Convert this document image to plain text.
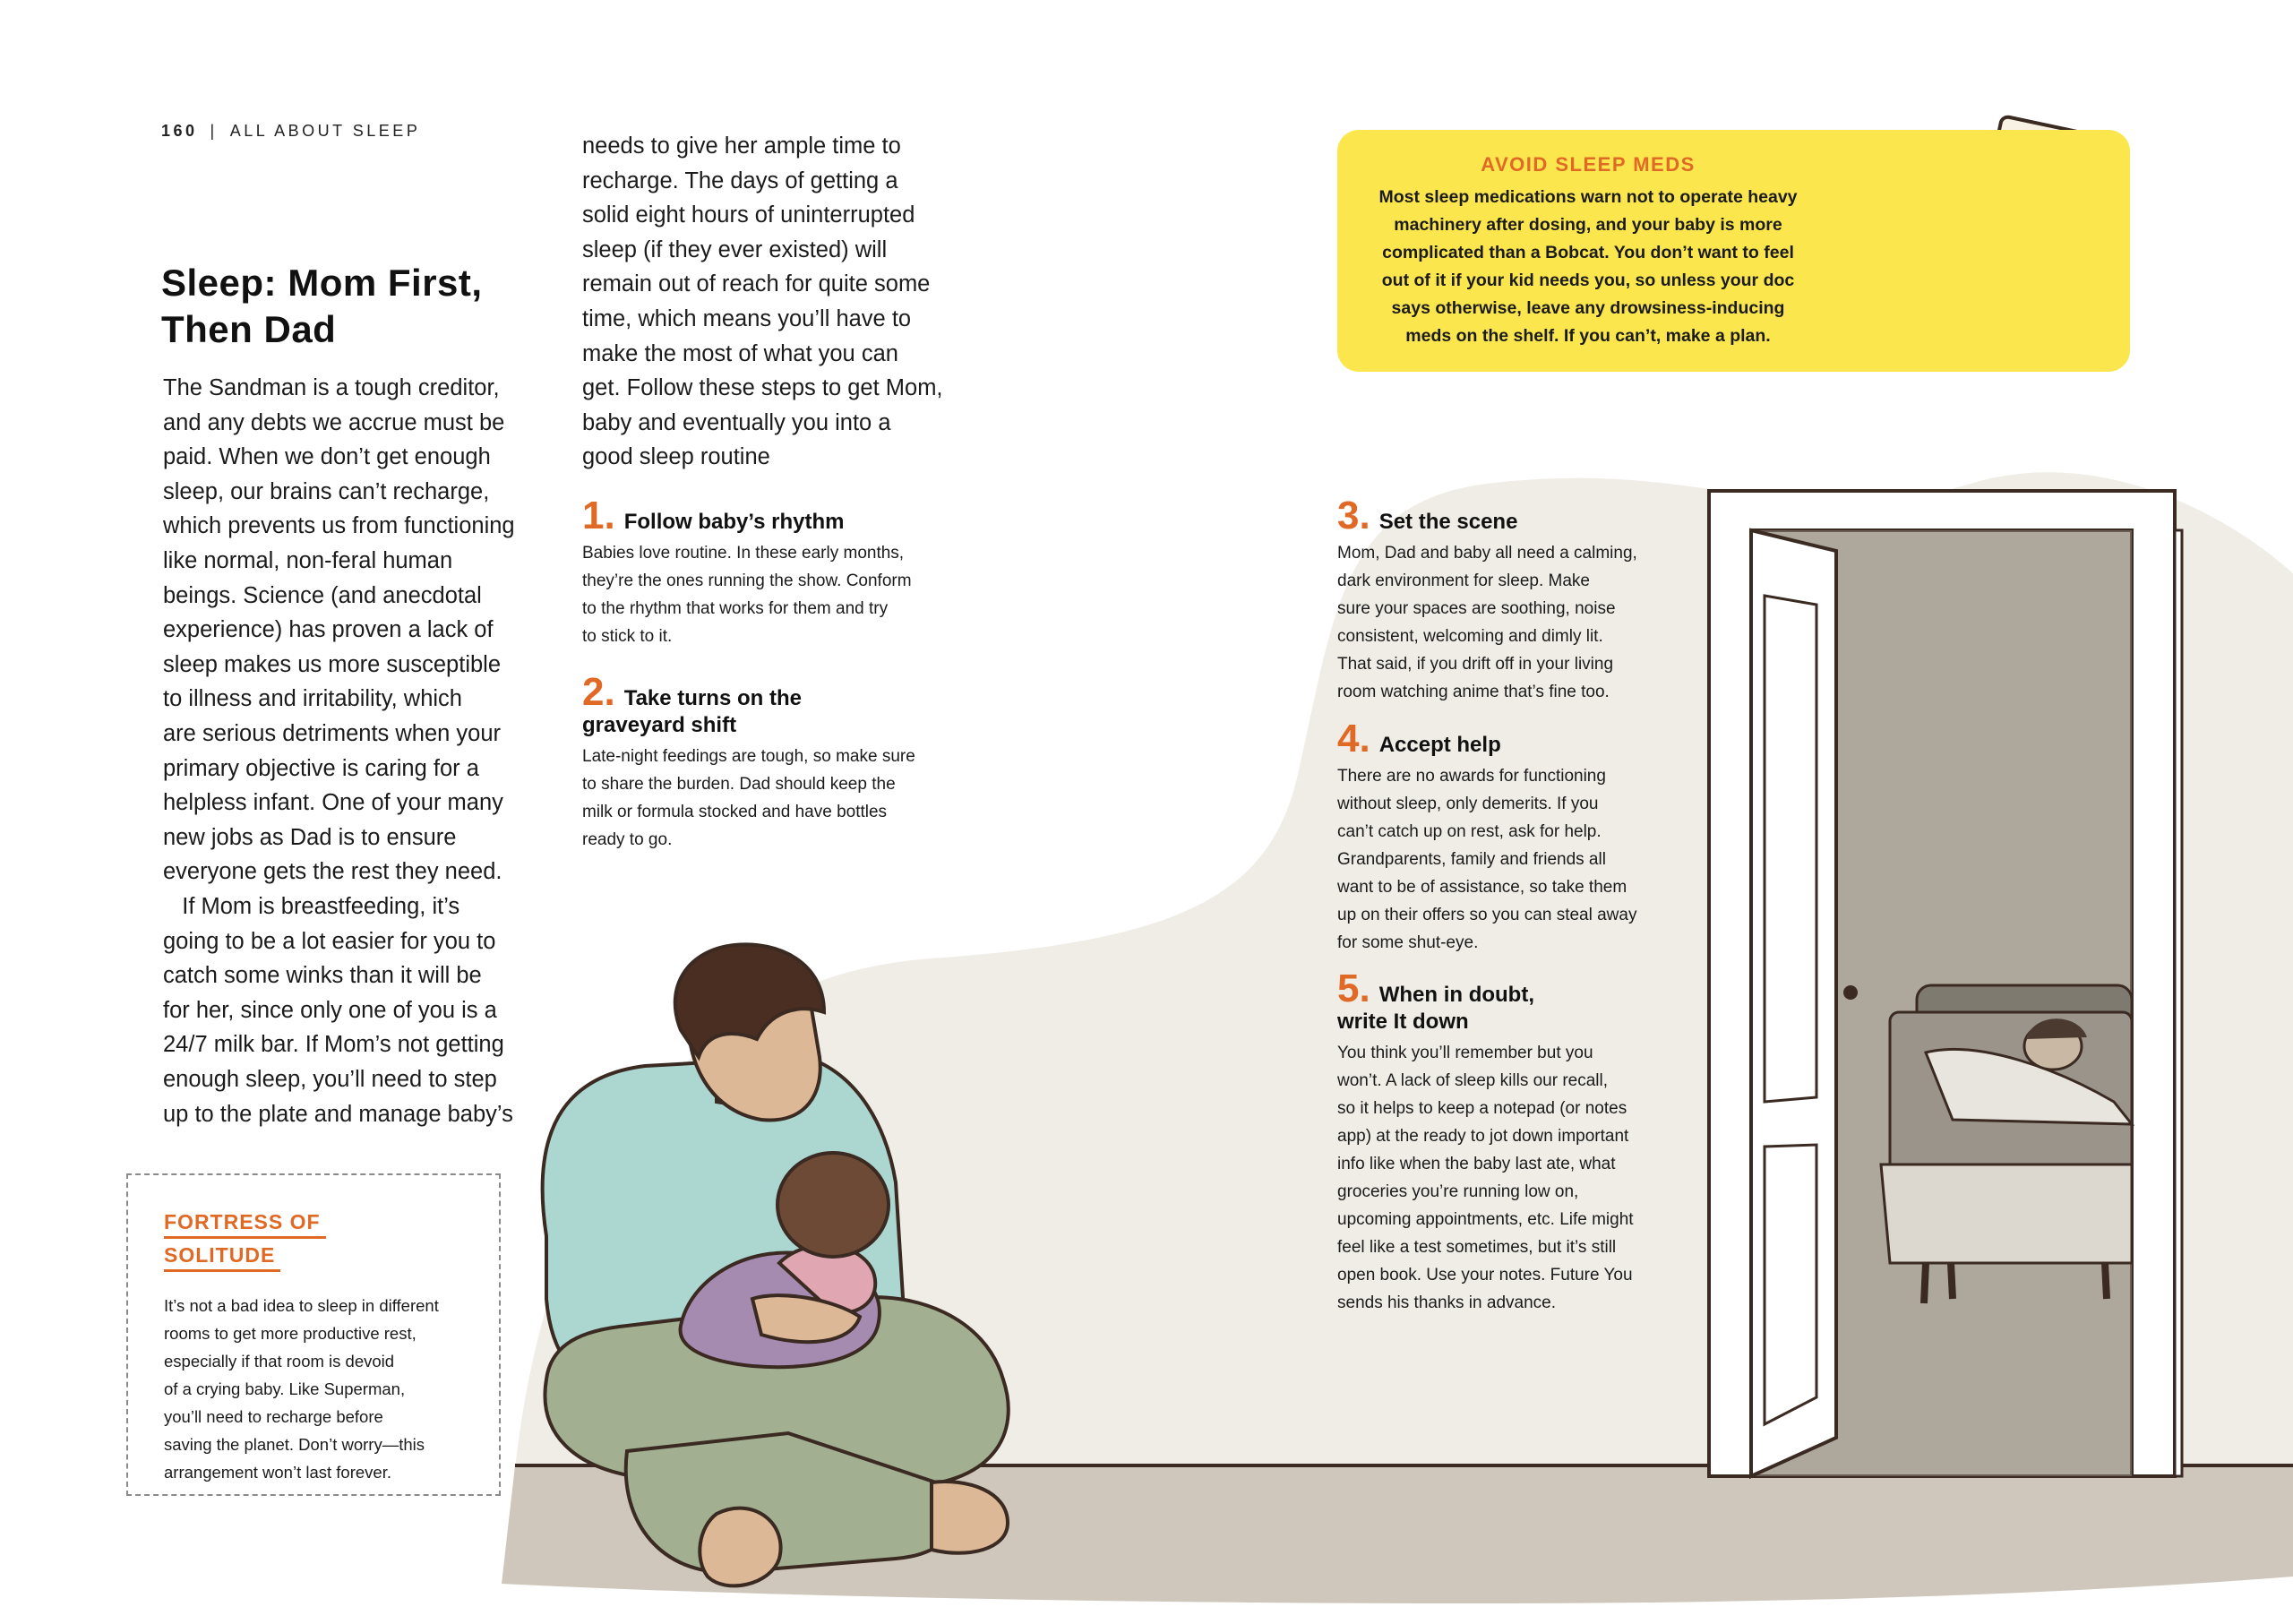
160 | ALL ABOUT SLEEP
Sleep: Mom First,
Then Dad

The Sandman is a tough creditor,
and any debts we accrue must be
paid. When we don’t get enough
sleep, our brains can’t recharge,
which prevents us from functioning
like normal, non-feral human
beings. Science (and anecdotal
experience) has proven a lack of
sleep makes us more susceptible
to illness and irritability, which
are serious detriments when your
primary objective is caring for a
helpless infant. One of your many
new jobs as Dad is to ensure
everyone gets the rest they need.

If Mom is breastfeeding, it’s
going to be a lot easier for you to
catch some winks than it will be
for her, since only one of you is a
24/7 milk bar. If Mom’s not getting
enough sleep, you’ll need to step
up to the plate and manage baby’s

needs to give her ample time to
recharge. The days of getting a
solid eight hours of uninterrupted
sleep (if they ever existed) will
remain out of reach for quite some
time, which means you’ll have to
make the most of what you can
get. Follow these steps to get Mom,
baby and eventually you into a
good sleep routine

1. Follow baby’s rhythm

Babies love routine. In these early months,
they’re the ones running the show. Conform
to the rhythm that works for them and try
to stick to it.

2. Take turns on the
graveyard shift

Late-night feedings are tough, so make sure
to share the burden. Dad should keep the
milk or formula stocked and have bottles
ready to go.

3. Set the scene

Mom, Dad and baby all need a calming,
dark environment for sleep. Make
sure your spaces are soothing, noise
consistent, welcoming and dimly lit.
That said, if you drift off in your living
room watching anime that’s fine too.

4. Accept help

There are no awards for functioning
without sleep, only demerits. If you
can’t catch up on rest, ask for help.
Grandparents, family and friends all
want to be of assistance, so take them
up on their offers so you can steal away
for some shut-eye.

5. When in doubt,
write It down

You think you’ll remember but you
won’t. A lack of sleep kills our recall,
so it helps to keep a notepad (or notes
app) at the ready to jot down important
info like when the baby last ate, what
groceries you’re running low on,
upcoming appointments, etc. Life might
feel like a test sometimes, but it’s still
open book. Use your notes. Future You
sends his thanks in advance.

FORTRESS OF
SOLITUDE

It’s not a bad idea to sleep in different
rooms to get more productive rest,
especially if that room is devoid
of a crying baby. Like Superman,
you’ll need to recharge before
saving the planet. Don’t worry—this
arrangement won’t last forever.

AVOID SLEEP MEDS
Most sleep medications warn not to operate heavy
machinery after dosing, and your baby is more
complicated than a Bobcat. You don’t want to feel
out of it if your kid needs you, so unless your doc
says otherwise, leave any drowsiness-inducing
meds on the shelf. If you can’t, make a plan.
